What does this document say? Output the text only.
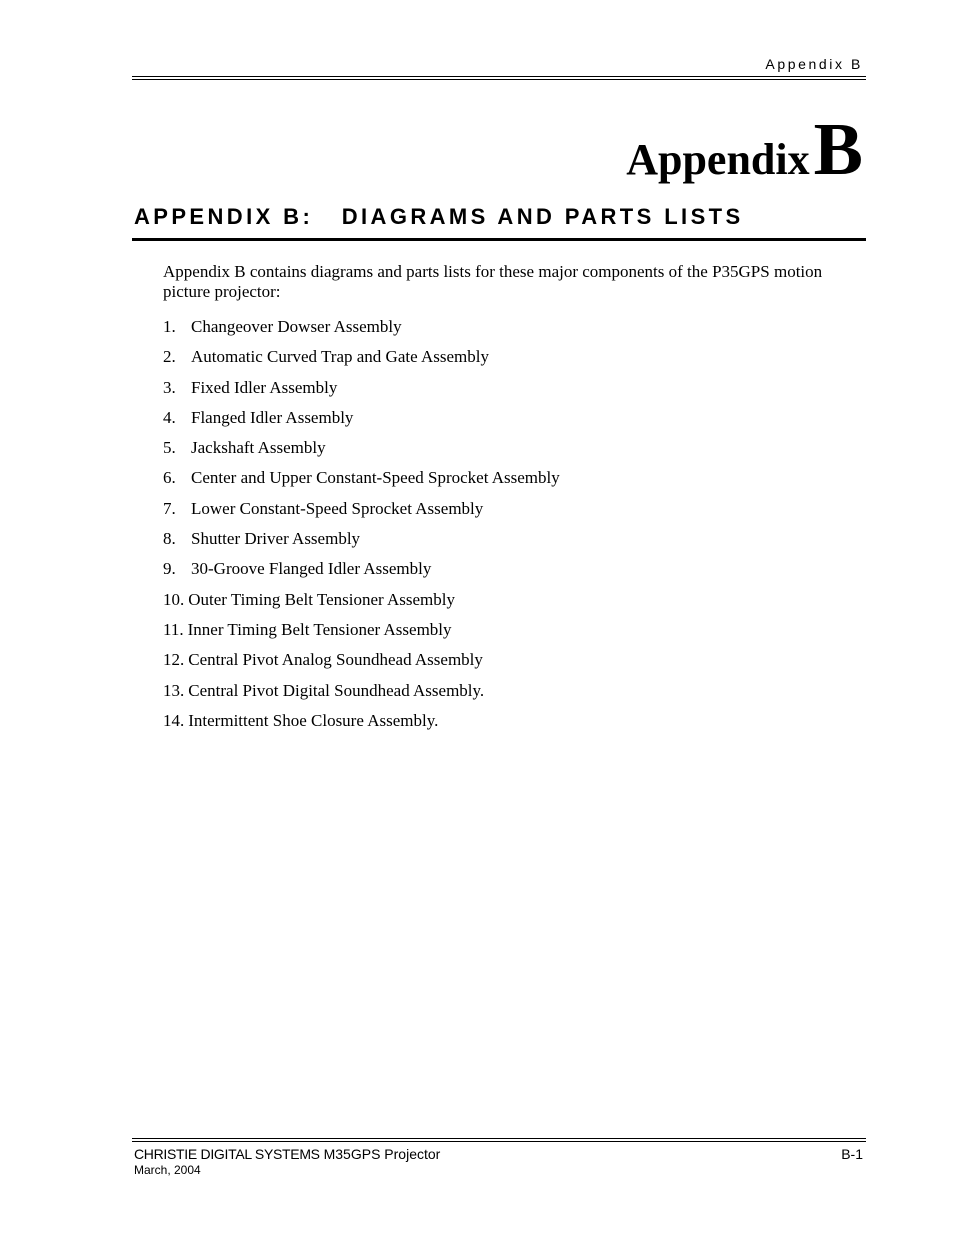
Appendix B
Appendix B
APPENDIX B:   DIAGRAMS AND PARTS LISTS

Appendix B contains diagrams and parts lists for these major components of the P35GPS motion picture projector:

1. Changeover Dowser Assembly
2. Automatic Curved Trap and Gate Assembly
3. Fixed Idler Assembly
4. Flanged Idler Assembly
5. Jackshaft Assembly
6. Center and Upper Constant-Speed Sprocket Assembly
7. Lower Constant-Speed Sprocket Assembly
8. Shutter Driver Assembly
9. 30-Groove Flanged Idler Assembly
10. Outer Timing Belt Tensioner Assembly
11. Inner Timing Belt Tensioner Assembly
12. Central Pivot Analog Soundhead Assembly
13. Central Pivot Digital Soundhead Assembly.
14. Intermittent Shoe Closure Assembly.
CHRISTIE DIGITAL SYSTEMS M35GPS Projector
March, 2004
B-1
